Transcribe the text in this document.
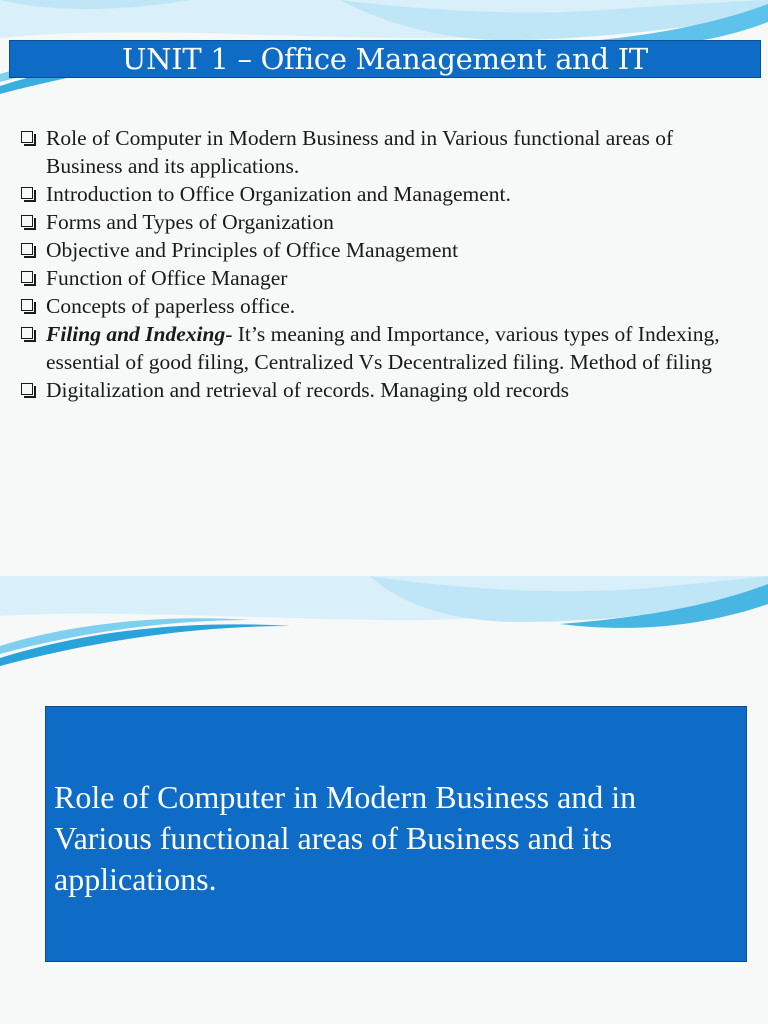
UNIT 1 – Office Management and IT
Role of Computer in Modern Business and in Various functional areas of Business and its applications.
Introduction to Office Organization and Management.
Forms and Types of Organization
Objective and Principles of Office Management
Function of Office Manager
Concepts of paperless office.
Filing and Indexing- It’s meaning and Importance, various types of Indexing, essential of good filing, Centralized Vs Decentralized filing. Method of filing
Digitalization and retrieval of records. Managing old records
Role of Computer in Modern Business and in Various functional areas of Business and its applications.
